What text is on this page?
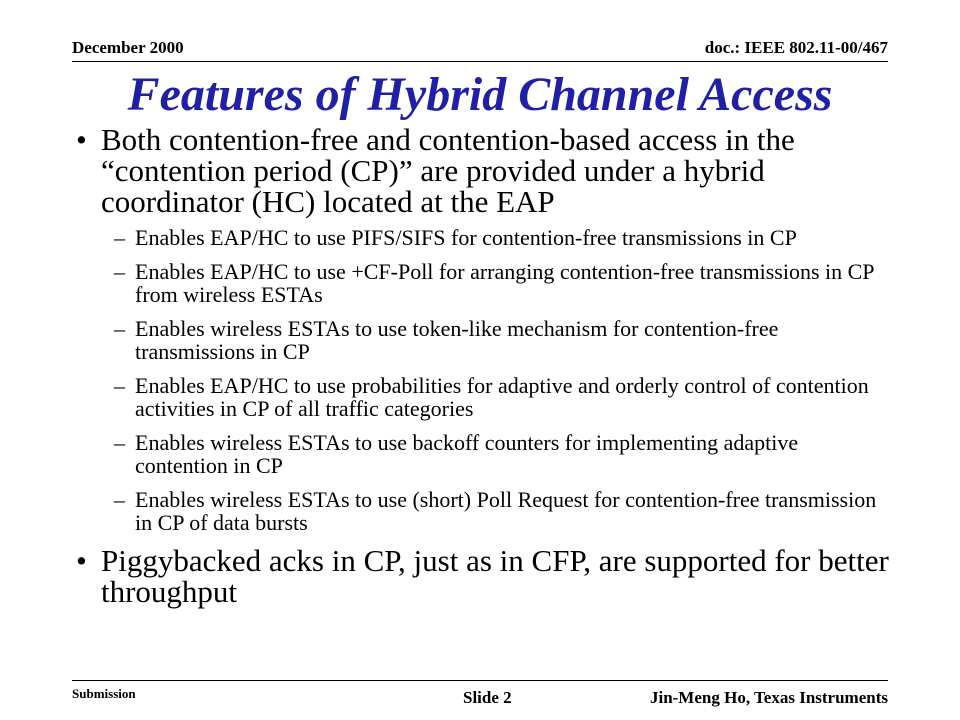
December 2000	doc.: IEEE 802.11-00/467
Features of Hybrid Channel Access
• Both contention-free and contention-based access in the “contention period (CP)” are provided under a hybrid coordinator (HC) located at the EAP
– Enables EAP/HC to use PIFS/SIFS for contention-free transmissions in CP
– Enables EAP/HC to use +CF-Poll for arranging contention-free transmissions in CP from wireless ESTAs
– Enables wireless ESTAs to use token-like mechanism for contention-free transmissions in CP
– Enables EAP/HC to use probabilities for adaptive and orderly control of contention activities in CP of all traffic categories
– Enables wireless ESTAs to use backoff counters for implementing adaptive contention in CP
– Enables wireless ESTAs to use (short) Poll Request for contention-free transmission in CP of data bursts
• Piggybacked acks in CP, just as in CFP, are supported for better throughput
Submission	Slide 2	Jin-Meng Ho, Texas Instruments
